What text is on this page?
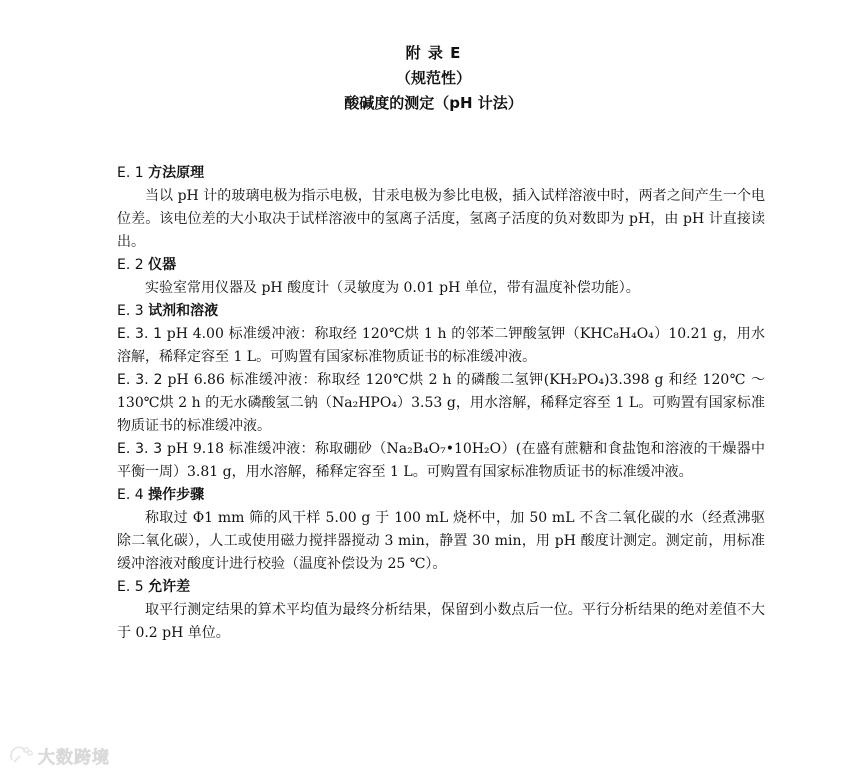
附 录 E
（规范性）
酸碱度的测定（pH 计法）
E. 1 方法原理

当以 pH 计的玻璃电极为指示电极，甘汞电极为参比电极，插入试样溶液中时，两者之间产生一个电位差。该电位差的大小取决于试样溶液中的氢离子活度，氢离子活度的负对数即为 pH，由 pH 计直接读出。

E. 2 仪器

实验室常用仪器及 pH 酸度计（灵敏度为 0.01 pH 单位，带有温度补偿功能）。

E. 3 试剂和溶液

E. 3. 1 pH 4.00 标准缓冲液：称取经 120℃烘 1 h 的邻苯二钾酸氢钾（KHC₈H₄O₄）10.21 g，用水溶解，稀释定容至 1 L。可购置有国家标准物质证书的标准缓冲液。

E. 3. 2 pH 6.86 标准缓冲液：称取经 120℃烘 2 h 的磷酸二氢钾(KH₂PO₄)3.398 g 和经 120℃ ～130℃烘 2 h 的无水磷酸氢二钠（Na₂HPO₄）3.53 g，用水溶解，稀释定容至 1 L。可购置有国家标准物质证书的标准缓冲液。

E. 3. 3 pH 9.18 标准缓冲液：称取硼砂（Na₂B₄O₇•10H₂O）(在盛有蔗糖和食盐饱和溶液的干燥器中平衡一周）3.81 g，用水溶解，稀释定容至 1 L。可购置有国家标准物质证书的标准缓冲液。

E. 4 操作步骤

称取过 Φ1 mm 筛的风干样 5.00 g 于 100 mL 烧杯中，加 50 mL 不含二氧化碳的水（经煮沸驱除二氧化碳），人工或使用磁力搅拌器搅动 3 min，静置 30 min，用 pH 酸度计测定。测定前，用标准缓冲溶液对酸度计进行校验（温度补偿设为 25 ℃）。

E. 5 允许差

取平行测定结果的算术平均值为最终分析结果，保留到小数点后一位。平行分析结果的绝对差值不大于 0.2 pH 单位。

大数跨境
